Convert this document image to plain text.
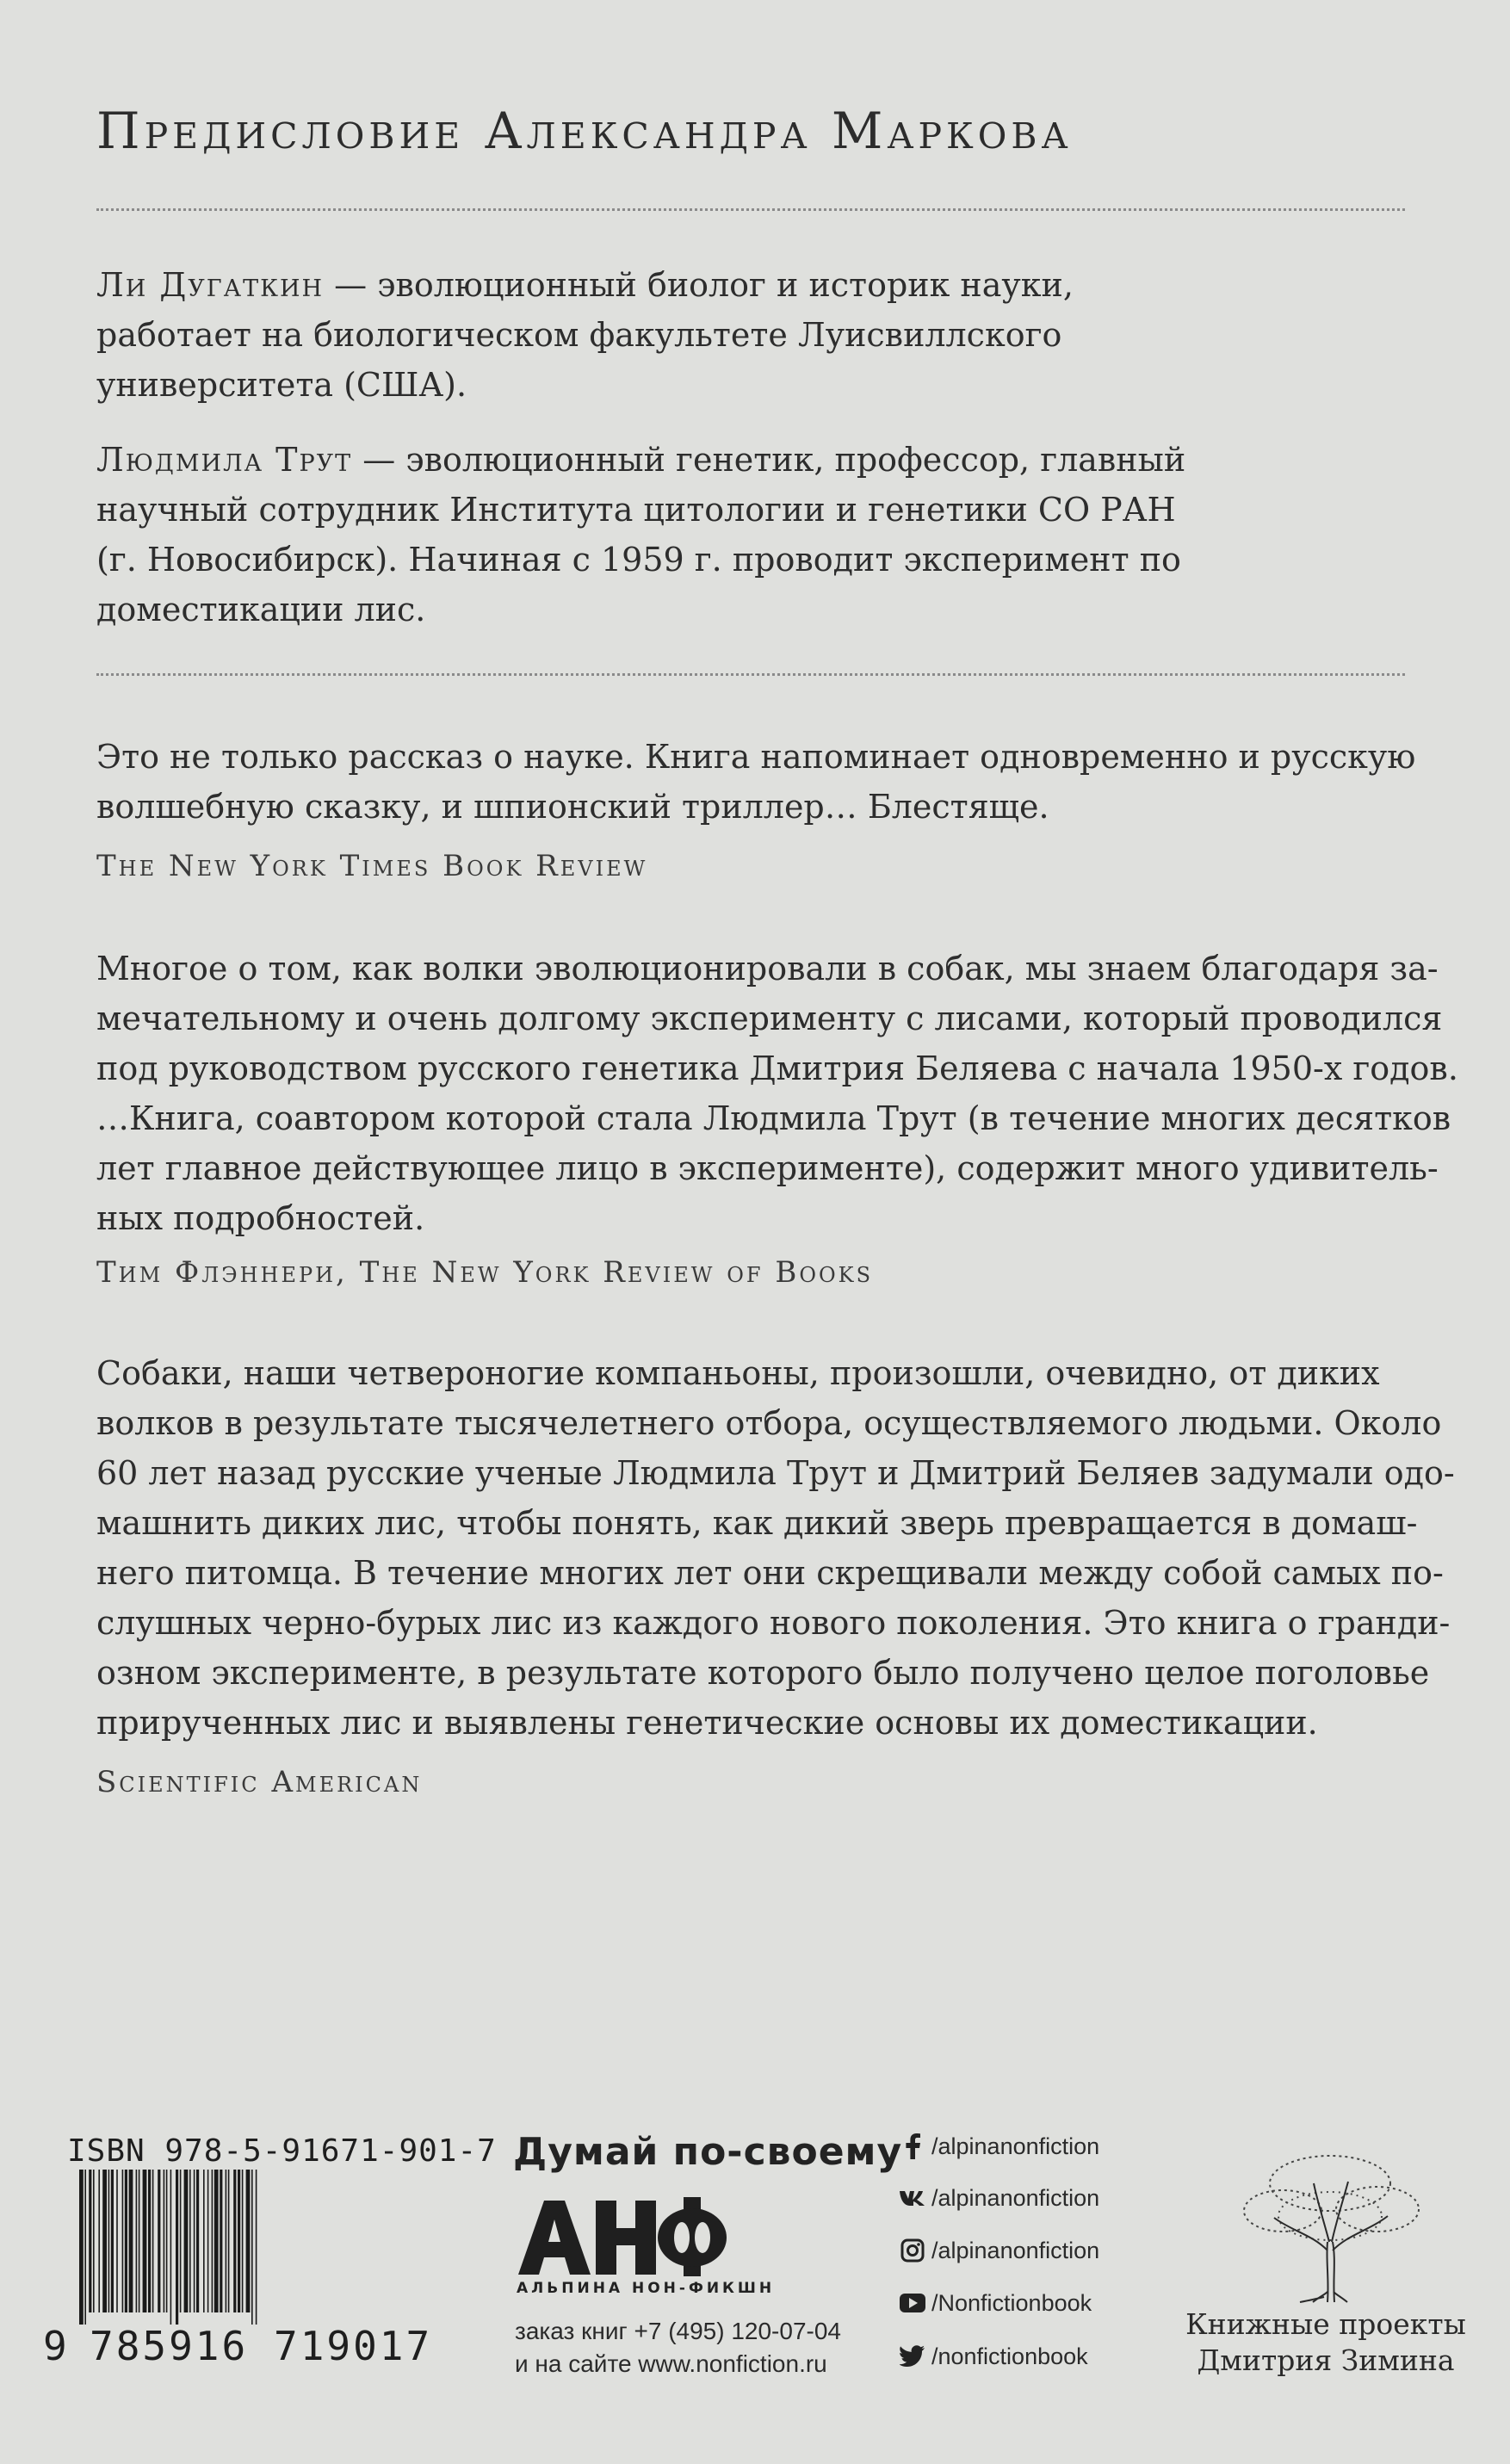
Предисловие Александра Маркова
Ли Дугаткин — эволюционный биолог и историк науки,
работает на биологическом факультете Луисвиллского
университета (США).
Людмила Трут — эволюционный генетик, профессор, главный
научный сотрудник Института цитологии и генетики СО РАН
(г. Новосибирск). Начиная с 1959 г. проводит эксперимент по
доместикации лис.
Это не только рассказ о науке. Книга напоминает одновременно и русскую
волшебную сказку, и шпионский триллер… Блестяще.
The New York Times Book Review
Многое о том, как волки эволюционировали в собак, мы знаем благодаря за-
мечательному и очень долгому эксперименту с лисами, который проводился
под руководством русского генетика Дмитрия Беляева с начала 1950-х годов.
…Книга, соавтором которой стала Людмила Трут (в течение многих десятков
лет главное действующее лицо в эксперименте), содержит много удивитель-
ных подробностей.
Тим Флэннери, The New York Review of Books
Собаки, наши четвероногие компаньоны, произошли, очевидно, от диких
волков в результате тысячелетнего отбора, осуществляемого людьми. Около
60 лет назад русские ученые Людмила Трут и Дмитрий Беляев задумали одо-
машнить диких лис, чтобы понять, как дикий зверь превращается в домаш-
него питомца. В течение многих лет они скрещивали между собой самых по-
слушных черно-бурых лис из каждого нового поколения. Это книга о гранди-
озном эксперименте, в результате которого было получено целое поголовье
прирученных лис и выявлены генетические основы их доместикации.
Scientific American
ISBN 978-5-91671-901-7
9 785916 719017
Думай по-своему
АЛЬПИНА НОН-ФИКШН
заказ книг +7 (495) 120-07-04
и на сайте www.nonfiction.ru
/alpinanonfiction
/alpinanonfiction
/alpinanonfiction
/Nonfictionbook
/nonfictionbook
Книжные проекты
Дмитрия Зимина
